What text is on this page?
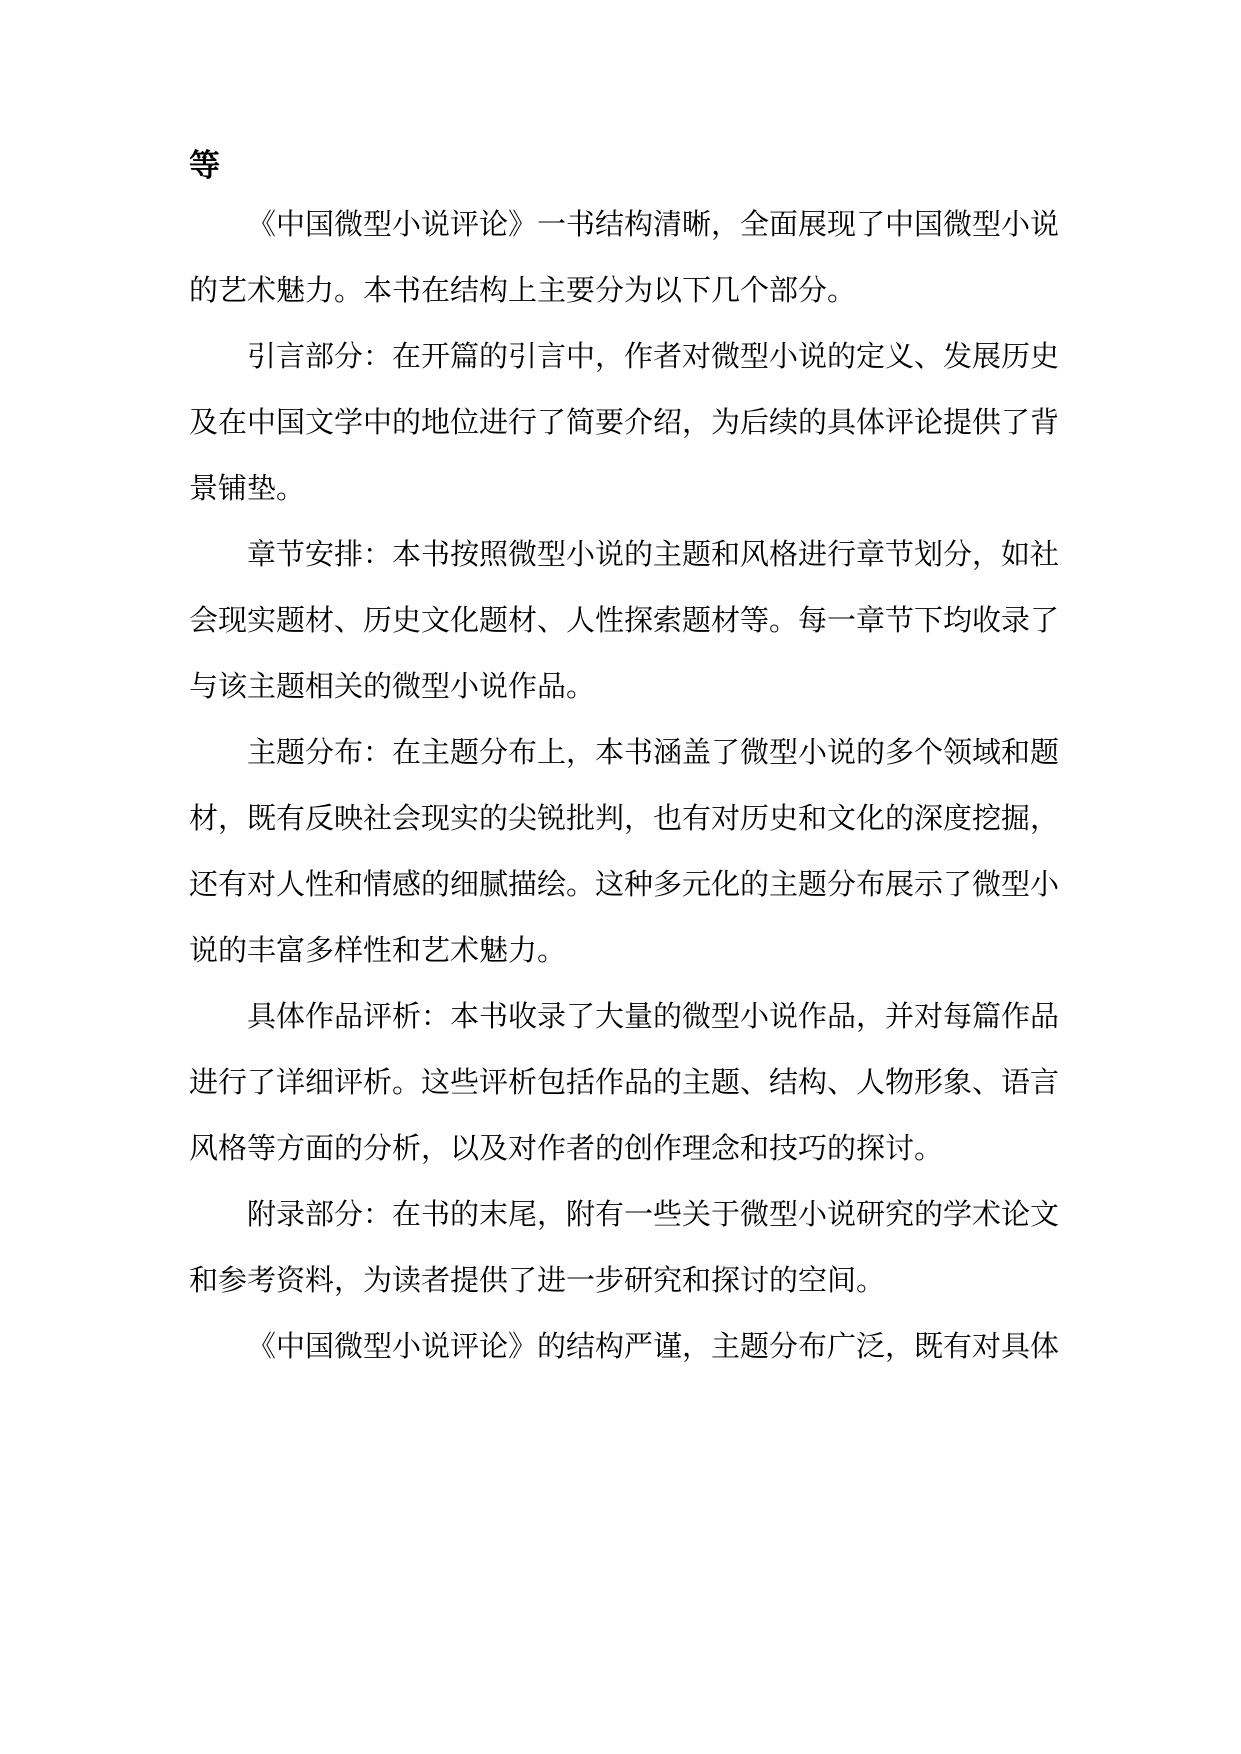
等
《中国微型小说评论》一书结构清晰，全面展现了中国微型小说
的艺术魅力。本书在结构上主要分为以下几个部分。
引言部分：在开篇的引言中，作者对微型小说的定义、发展历史
及在中国文学中的地位进行了简要介绍，为后续的具体评论提供了背
景铺垫。
章节安排：本书按照微型小说的主题和风格进行章节划分，如社
会现实题材、历史文化题材、人性探索题材等。每一章节下均收录了
与该主题相关的微型小说作品。
主题分布：在主题分布上，本书涵盖了微型小说的多个领域和题
材，既有反映社会现实的尖锐批判，也有对历史和文化的深度挖掘，
还有对人性和情感的细腻描绘。这种多元化的主题分布展示了微型小
说的丰富多样性和艺术魅力。
具体作品评析：本书收录了大量的微型小说作品，并对每篇作品
进行了详细评析。这些评析包括作品的主题、结构、人物形象、语言
风格等方面的分析，以及对作者的创作理念和技巧的探讨。
附录部分：在书的末尾，附有一些关于微型小说研究的学术论文
和参考资料，为读者提供了进一步研究和探讨的空间。
《中国微型小说评论》的结构严谨，主题分布广泛，既有对具体
